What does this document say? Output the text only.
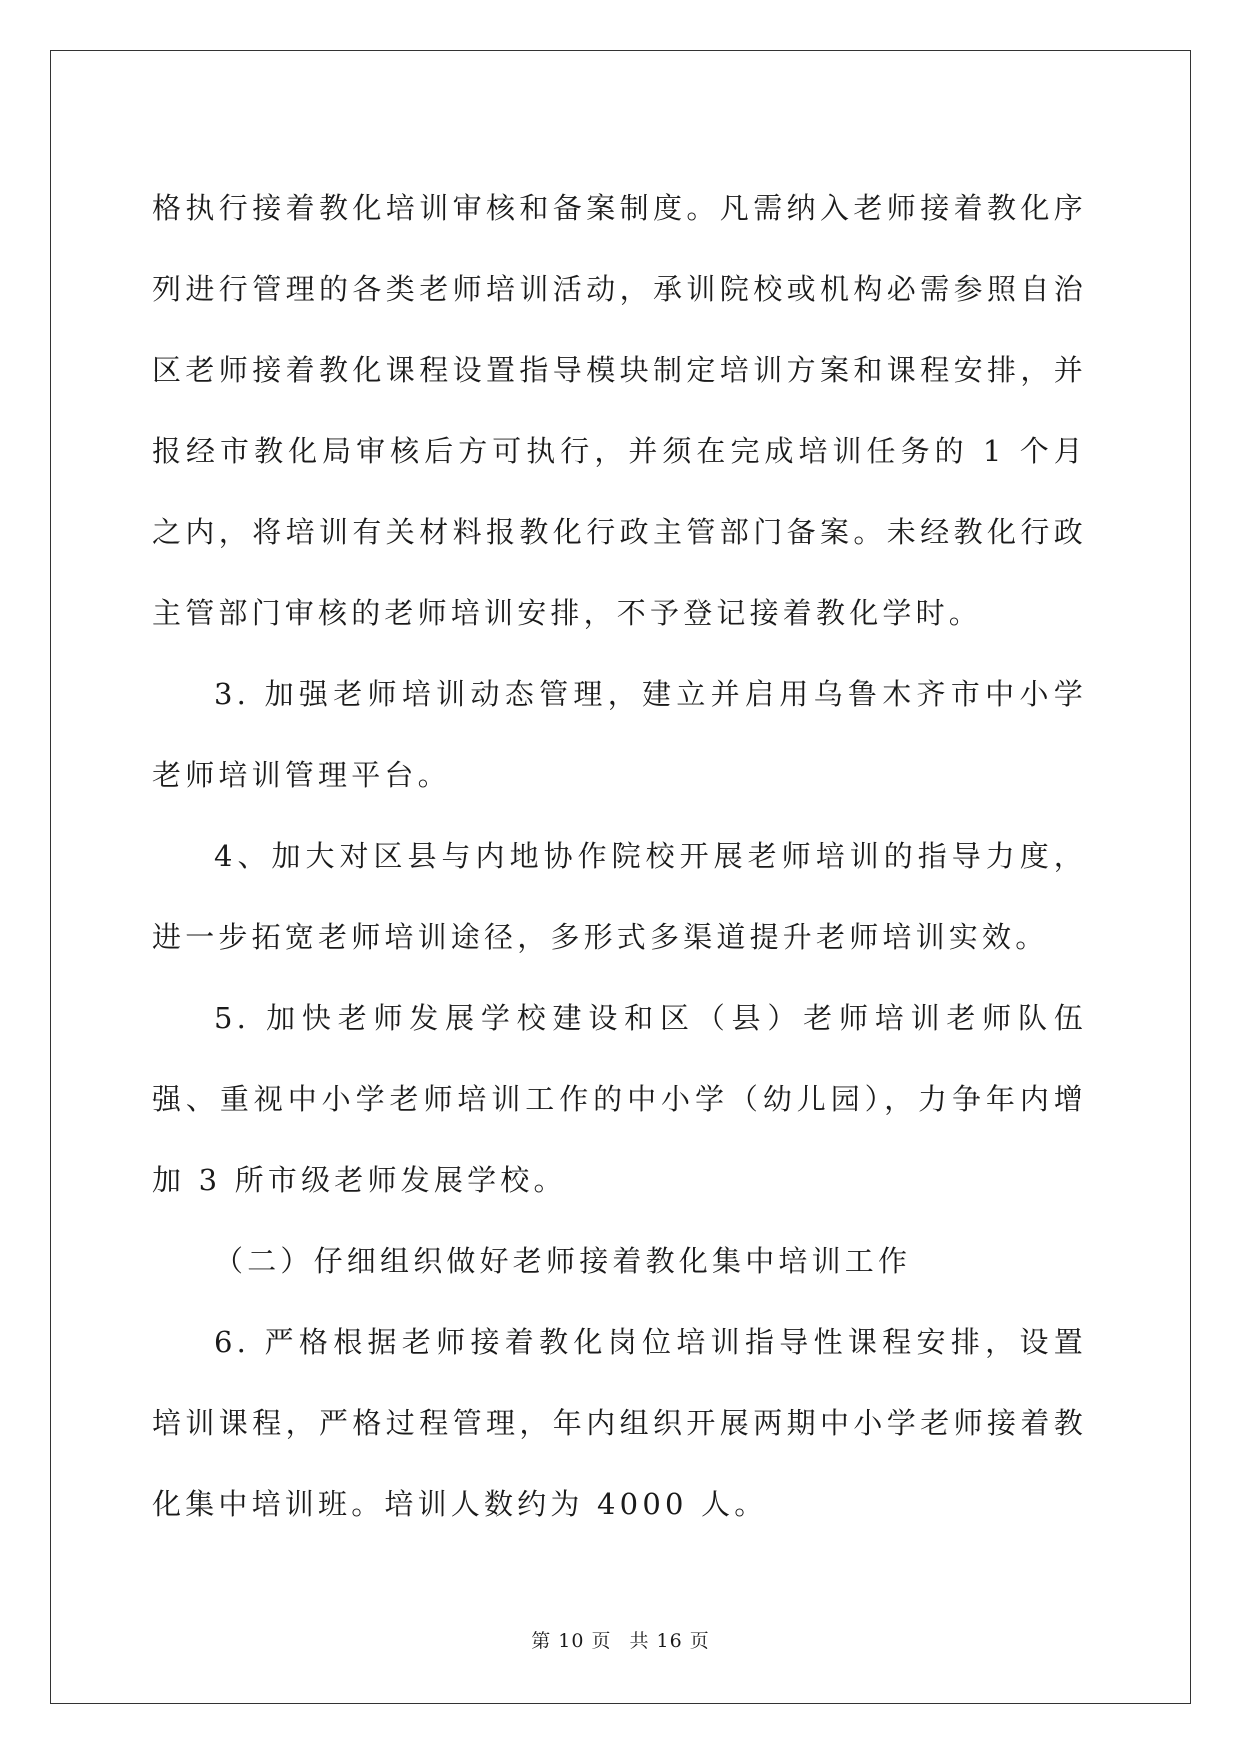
格执行接着教化培训审核和备案制度。凡需纳入老师接着教化序列进行管理的各类老师培训活动，承训院校或机构必需参照自治区老师接着教化课程设置指导模块制定培训方案和课程安排，并报经市教化局审核后方可执行，并须在完成培训任务的 1 个月之内，将培训有关材料报教化行政主管部门备案。未经教化行政主管部门审核的老师培训安排，不予登记接着教化学时。

3. 加强老师培训动态管理，建立并启用乌鲁木齐市中小学老师培训管理平台。

4、加大对区县与内地协作院校开展老师培训的指导力度，进一步拓宽老师培训途径，多形式多渠道提升老师培训实效。

5. 加快老师发展学校建设和区（县）老师培训老师队伍强、重视中小学老师培训工作的中小学（幼儿园），力争年内增加 3 所市级老师发展学校。

（二）仔细组织做好老师接着教化集中培训工作

6. 严格根据老师接着教化岗位培训指导性课程安排，设置培训课程，严格过程管理，年内组织开展两期中小学老师接着教化集中培训班。培训人数约为 4000 人。

第 10 页 共 16 页
